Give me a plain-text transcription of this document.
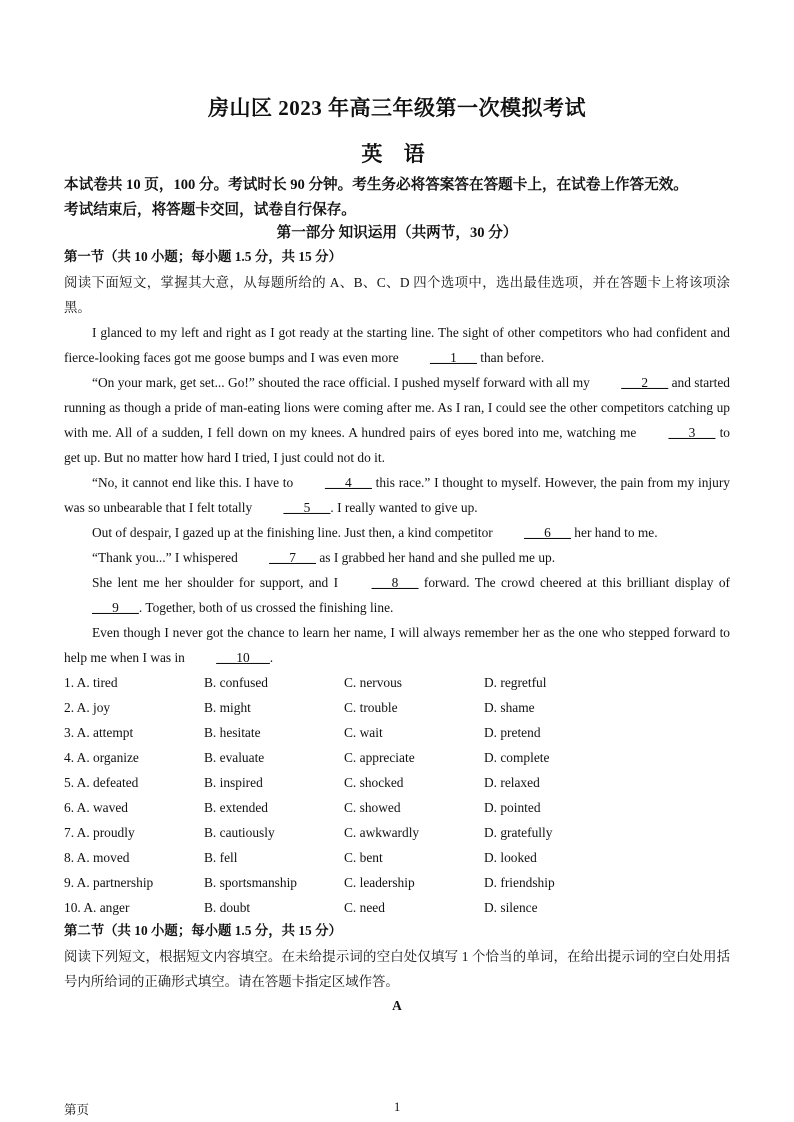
房山区 2023 年高三年级第一次模拟考试
英 语
本试卷共 10 页，100 分。考试时长 90 分钟。考生务必将答案答在答题卡上，在试卷上作答无效。
考试结束后，将答题卡交回，试卷自行保存。
第一部分 知识运用（共两节，30 分）
第一节（共 10 小题；每小题 1.5 分，共 15 分）
阅读下面短文，掌握其大意，从每题所给的 A、B、C、D 四个选项中，选出最佳选项，并在答题卡上将该项涂黑。

I glanced to my left and right as I got ready at the starting line. The sight of other competitors who had confident and fierce-looking faces got me goose bumps and I was even more ___1___ than before.

“On your mark, get set... Go!” shouted the race official. I pushed myself forward with all my ___2___ and started running as though a pride of man-eating lions were coming after me. As I ran, I could see the other competitors catching up with me. All of a sudden, I fell down on my knees. A hundred pairs of eyes bored into me, watching me ___3___ to get up. But no matter how hard I tried, I just could not do it.

“No, it cannot end like this. I have to ___4___ this race.” I thought to myself. However, the pain from my injury was so unbearable that I felt totally ___5___. I really wanted to give up.

Out of despair, I gazed up at the finishing line. Just then, a kind competitor ___6___ her hand to me.

“Thank you...” I whispered ___7___ as I grabbed her hand and she pulled me up.

She lent me her shoulder for support, and I ___8___ forward. The crowd cheered at this brilliant display of ___9___. Together, both of us crossed the finishing line.

Even though I never got the chance to learn her name, I will always remember her as the one who stepped forward to help me when I was in ___10___.

1. A. tired	B. confused	C. nervous	D. regretful
2. A. joy	B. might	C. trouble	D. shame
3. A. attempt	B. hesitate	C. wait	D. pretend
4. A. organize	B. evaluate	C. appreciate	D. complete
5. A. defeated	B. inspired	C. shocked	D. relaxed
6. A. waved	B. extended	C. showed	D. pointed
7. A. proudly	B. cautiously	C. awkwardly	D. gratefully
8. A. moved	B. fell	C. bent	D. looked
9. A. partnership	B. sportsmanship	C. leadership	D. friendship
10. A. anger	B. doubt	C. need	D. silence
第二节（共 10 小题；每小题 1.5 分，共 15 分）
阅读下列短文，根据短文内容填空。在未给提示词的空白处仅填写 1 个恰当的单词，在给出提示词的空白处用括号内所给词的正确形式填空。请在答题卡指定区域作答。
A
第页	1
